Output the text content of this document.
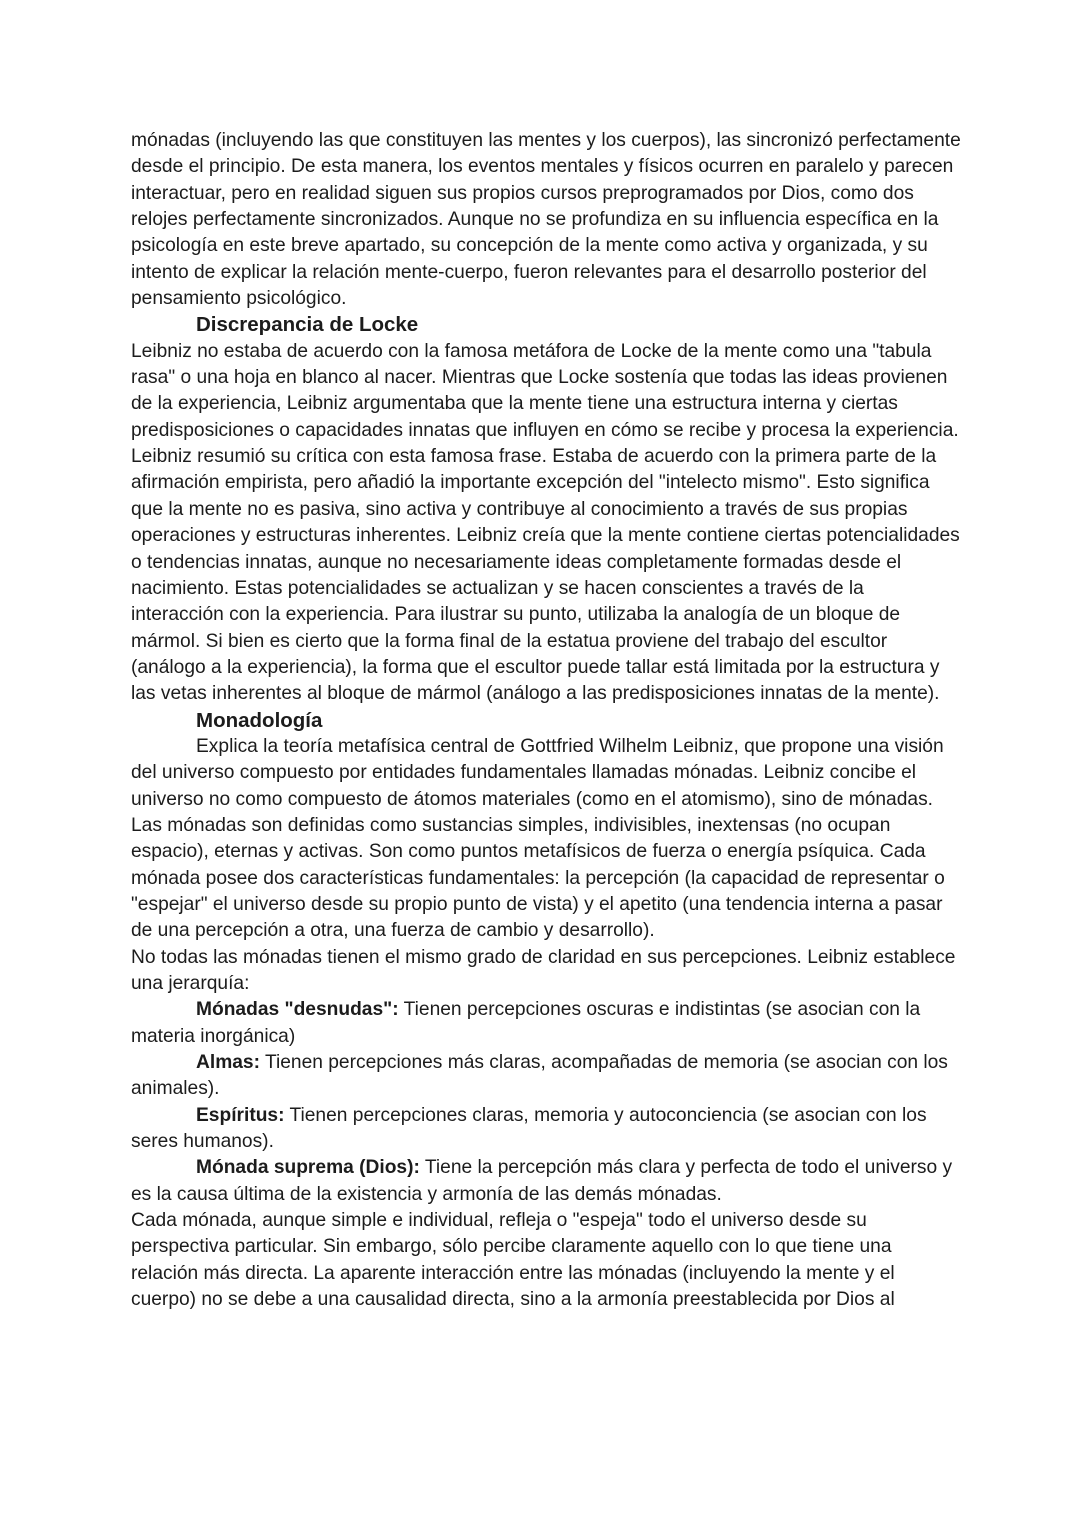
mónadas (incluyendo las que constituyen las mentes y los cuerpos), las sincronizó perfectamente desde el principio. De esta manera, los eventos mentales y físicos ocurren en paralelo y parecen interactuar, pero en realidad siguen sus propios cursos preprogramados por Dios, como dos relojes perfectamente sincronizados. Aunque no se profundiza en su influencia específica en la psicología en este breve apartado, su concepción de la mente como activa y organizada, y su intento de explicar la relación mente-cuerpo, fueron relevantes para el desarrollo posterior del pensamiento psicológico.

Discrepancia de Locke

Leibniz no estaba de acuerdo con la famosa metáfora de Locke de la mente como una "tabula rasa" o una hoja en blanco al nacer. Mientras que Locke sostenía que todas las ideas provienen de la experiencia, Leibniz argumentaba que la mente tiene una estructura interna y ciertas predisposiciones o capacidades innatas que influyen en cómo se recibe y procesa la experiencia. Leibniz resumió su crítica con esta famosa frase. Estaba de acuerdo con la primera parte de la afirmación empirista, pero añadió la importante excepción del "intelecto mismo". Esto significa que la mente no es pasiva, sino activa y contribuye al conocimiento a través de sus propias operaciones y estructuras inherentes. Leibniz creía que la mente contiene ciertas potencialidades o tendencias innatas, aunque no necesariamente ideas completamente formadas desde el nacimiento. Estas potencialidades se actualizan y se hacen conscientes a través de la interacción con la experiencia. Para ilustrar su punto, utilizaba la analogía de un bloque de mármol. Si bien es cierto que la forma final de la estatua proviene del trabajo del escultor (análogo a la experiencia), la forma que el escultor puede tallar está limitada por la estructura y las vetas inherentes al bloque de mármol (análogo a las predisposiciones innatas de la mente).

Monadología

Explica la teoría metafísica central de Gottfried Wilhelm Leibniz, que propone una visión del universo compuesto por entidades fundamentales llamadas mónadas. Leibniz concibe el universo no como compuesto de átomos materiales (como en el atomismo), sino de mónadas. Las mónadas son definidas como sustancias simples, indivisibles, inextensas (no ocupan espacio), eternas y activas. Son como puntos metafísicos de fuerza o energía psíquica. Cada mónada posee dos características fundamentales: la percepción (la capacidad de representar o "espejar" el universo desde su propio punto de vista) y el apetito (una tendencia interna a pasar de una percepción a otra, una fuerza de cambio y desarrollo).

No todas las mónadas tienen el mismo grado de claridad en sus percepciones. Leibniz establece una jerarquía:

Mónadas "desnudas": Tienen percepciones oscuras e indistintas (se asocian con la materia inorgánica)

Almas: Tienen percepciones más claras, acompañadas de memoria (se asocian con los animales).

Espíritus: Tienen percepciones claras, memoria y autoconciencia (se asocian con los seres humanos).

Mónada suprema (Dios): Tiene la percepción más clara y perfecta de todo el universo y es la causa última de la existencia y armonía de las demás mónadas.

Cada mónada, aunque simple e individual, refleja o "espeja" todo el universo desde su perspectiva particular. Sin embargo, sólo percibe claramente aquello con lo que tiene una relación más directa. La aparente interacción entre las mónadas (incluyendo la mente y el cuerpo) no se debe a una causalidad directa, sino a la armonía preestablecida por Dios al
